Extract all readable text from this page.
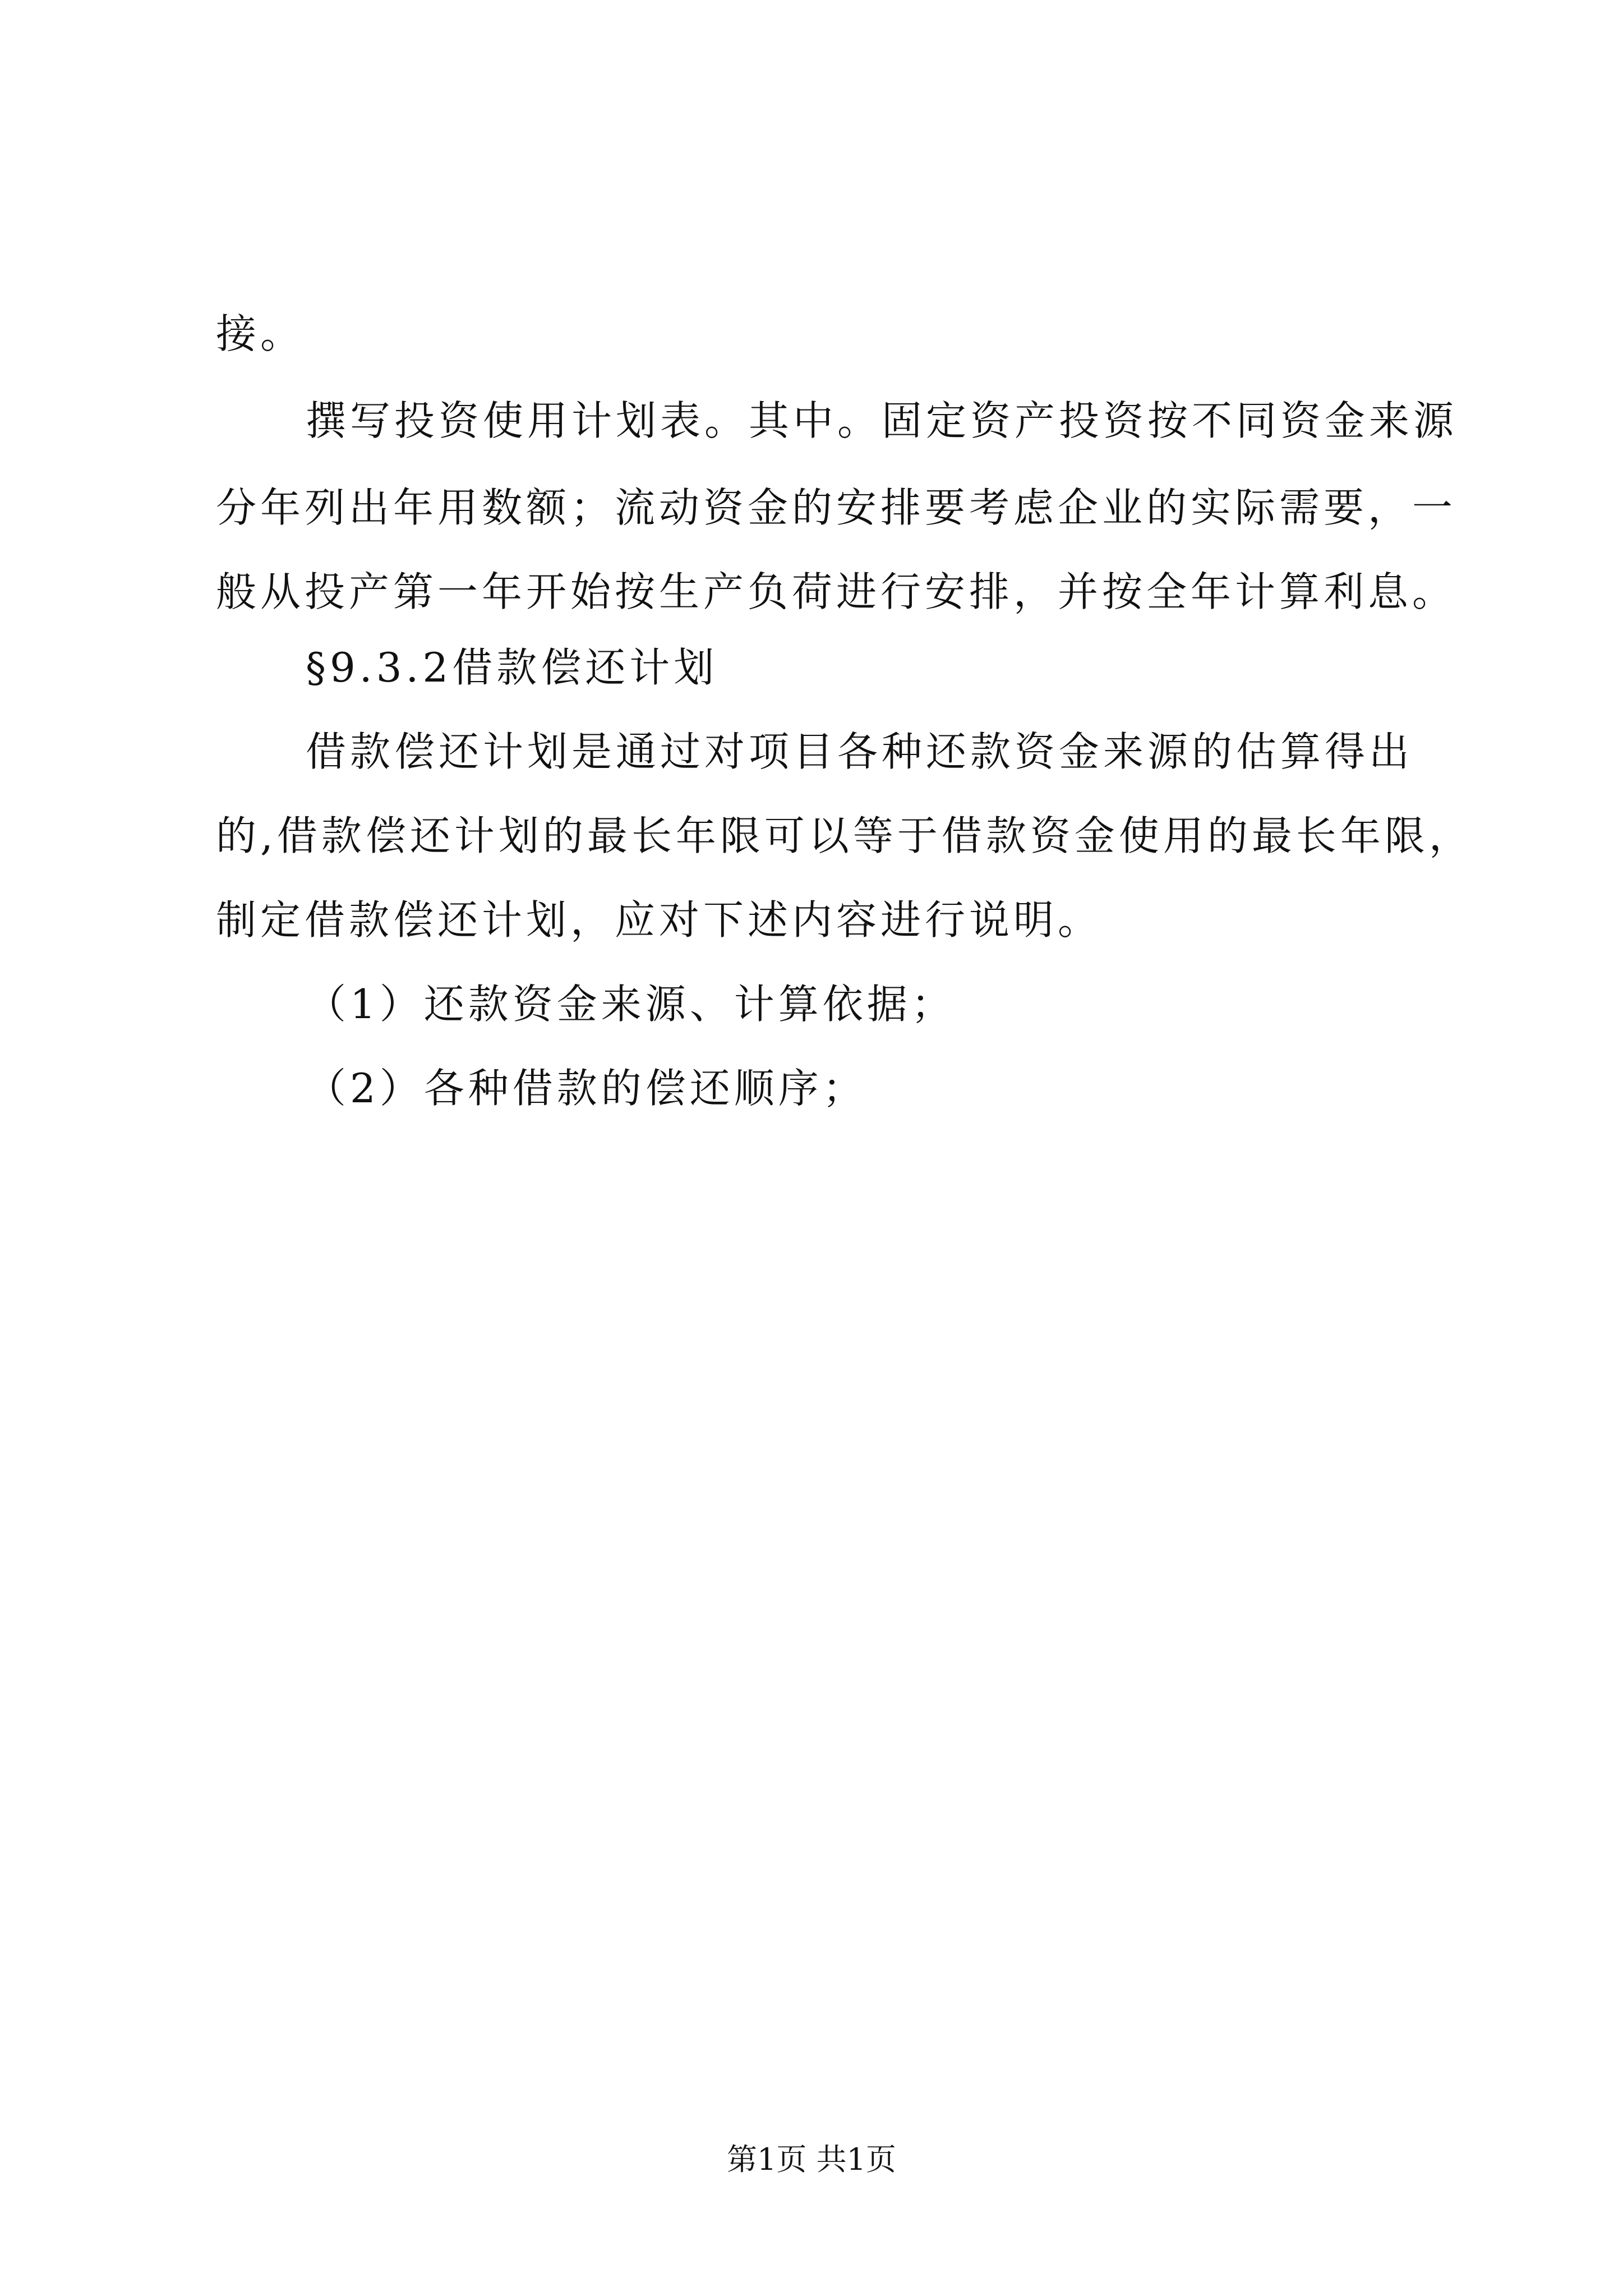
接。
撰写投资使用计划表。其中。固定资产投资按不同资金来源
分年列出年用数额；流动资金的安排要考虑企业的实际需要，一
般从投产第一年开始按生产负荷进行安排，并按全年计算利息。
§9.3.2借款偿还计划
借款偿还计划是通过对项目各种还款资金来源的估算得出
的,借款偿还计划的最长年限可以等于借款资金使用的最长年限，
制定借款偿还计划，应对下述内容进行说明。
（1）还款资金来源、计算依据；
（2）各种借款的偿还顺序；
第1页 共1页
